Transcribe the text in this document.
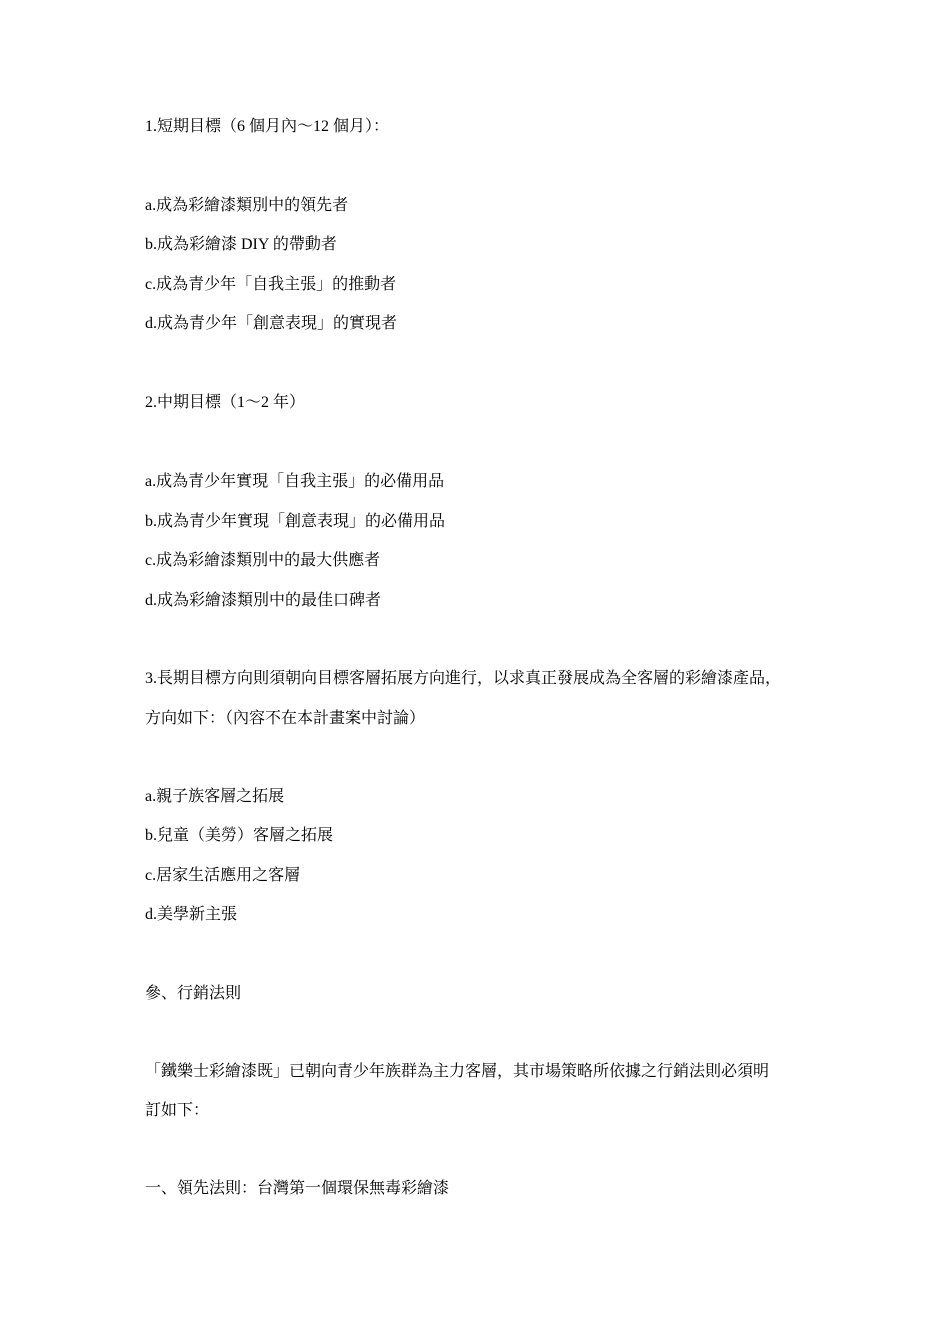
1.短期目標（6 個月內～12 個月）：
a.成為彩繪漆類別中的領先者
b.成為彩繪漆 DIY 的帶動者
c.成為青少年「自我主張」的推動者
d.成為青少年「創意表現」的實現者
2.中期目標（1～2 年）
a.成為青少年實現「自我主張」的必備用品
b.成為青少年實現「創意表現」的必備用品
c.成為彩繪漆類別中的最大供應者
d.成為彩繪漆類別中的最佳口碑者
3.長期目標方向則須朝向目標客層拓展方向進行，以求真正發展成為全客層的彩繪漆產品，
方向如下：（內容不在本計畫案中討論）
a.親子族客層之拓展
b.兒童（美勞）客層之拓展
c.居家生活應用之客層
d.美學新主張
參、行銷法則
「鐵樂士彩繪漆既」已朝向青少年族群為主力客層，其市場策略所依據之行銷法則必須明
訂如下：
一、領先法則：台灣第一個環保無毒彩繪漆
